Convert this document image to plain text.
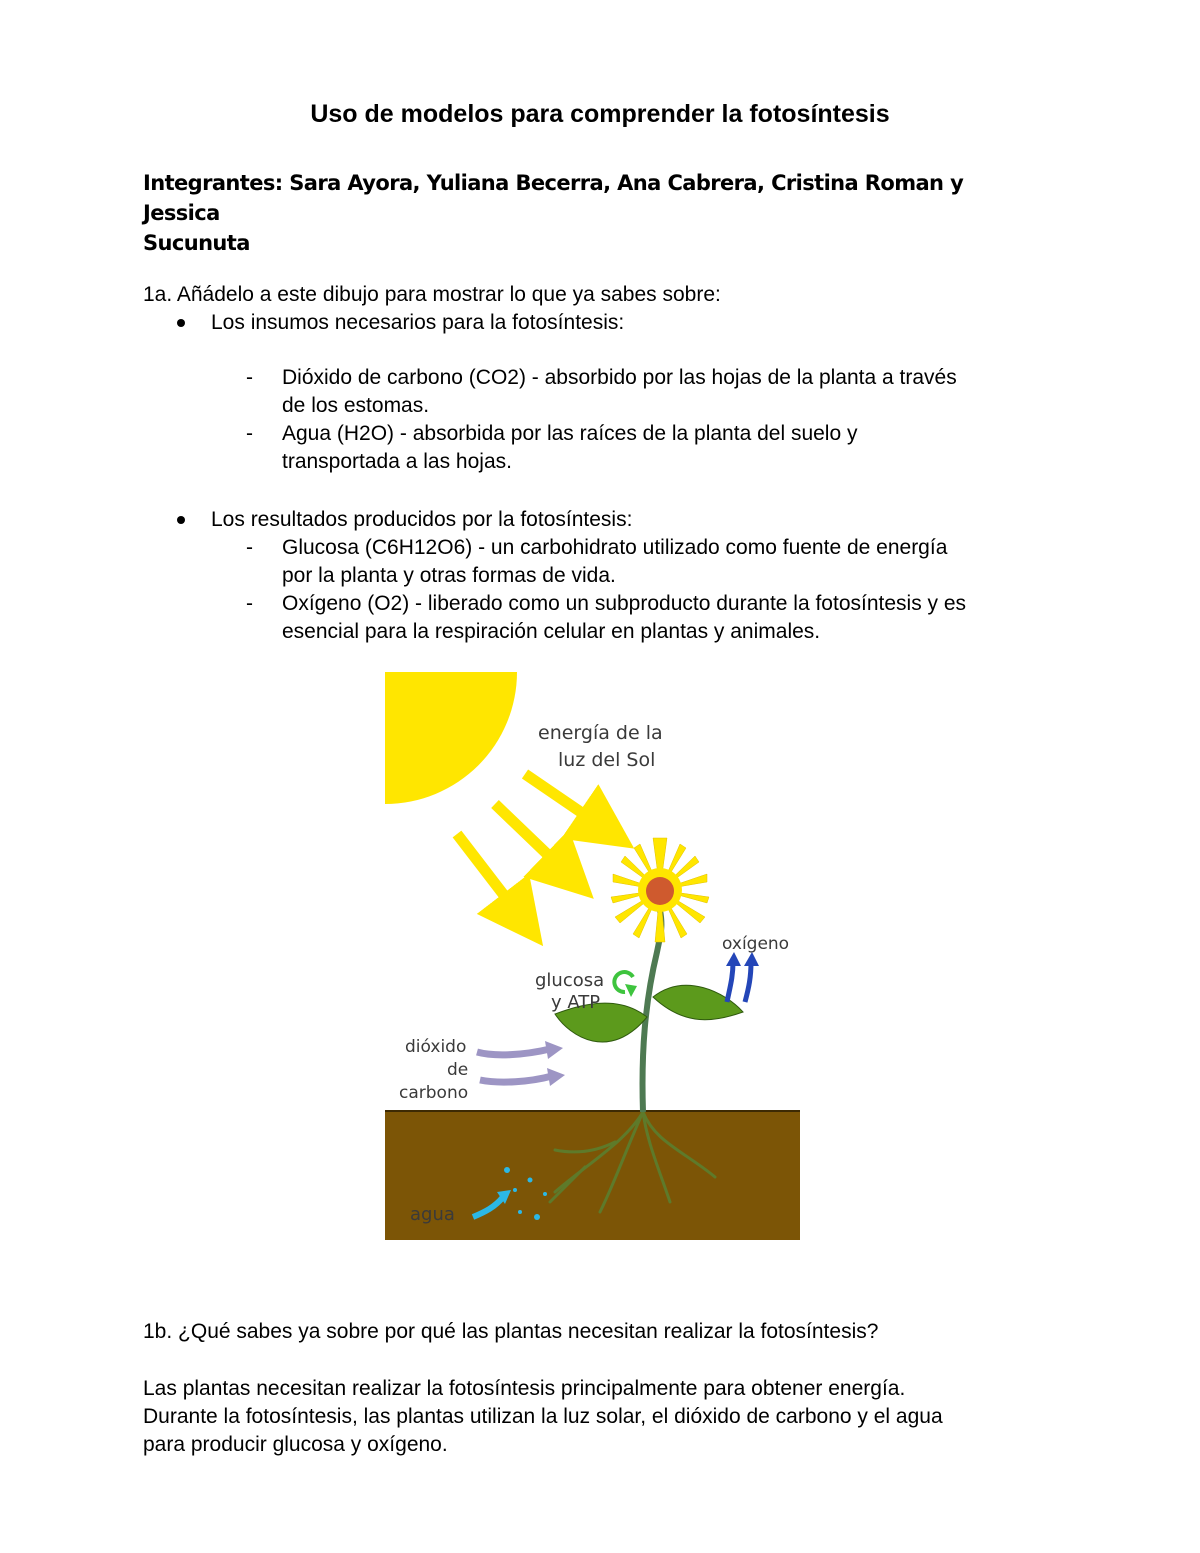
Uso de modelos para comprender la fotosíntesis
Integrantes: Sara Ayora, Yuliana Becerra, Ana Cabrera, Cristina Roman y Jessica
Sucunuta
1a. Añádelo a este dibujo para mostrar lo que ya sabes sobre:
Los insumos necesarios para la fotosíntesis:
- Dióxido de carbono (CO2) - absorbido por las hojas de la planta a través
de los estomas.
- Agua (H2O) - absorbida por las raíces de la planta del suelo y
transportada a las hojas.
Los resultados producidos por la fotosíntesis:
- Glucosa (C6H12O6) - un carbohidrato utilizado como fuente de energía
por la planta y otras formas de vida.
- Oxígeno (O2) - liberado como un subproducto durante la fotosíntesis y es
esencial para la respiración celular en plantas y animales.
energía de la
luz del Sol
agua
glucosa
y ATP
oxígeno
dióxido
de
carbono
1b. ¿Qué sabes ya sobre por qué las plantas necesitan realizar la fotosíntesis?
Las plantas necesitan realizar la fotosíntesis principalmente para obtener energía.
Durante la fotosíntesis, las plantas utilizan la luz solar, el dióxido de carbono y el agua
para producir glucosa y oxígeno.
